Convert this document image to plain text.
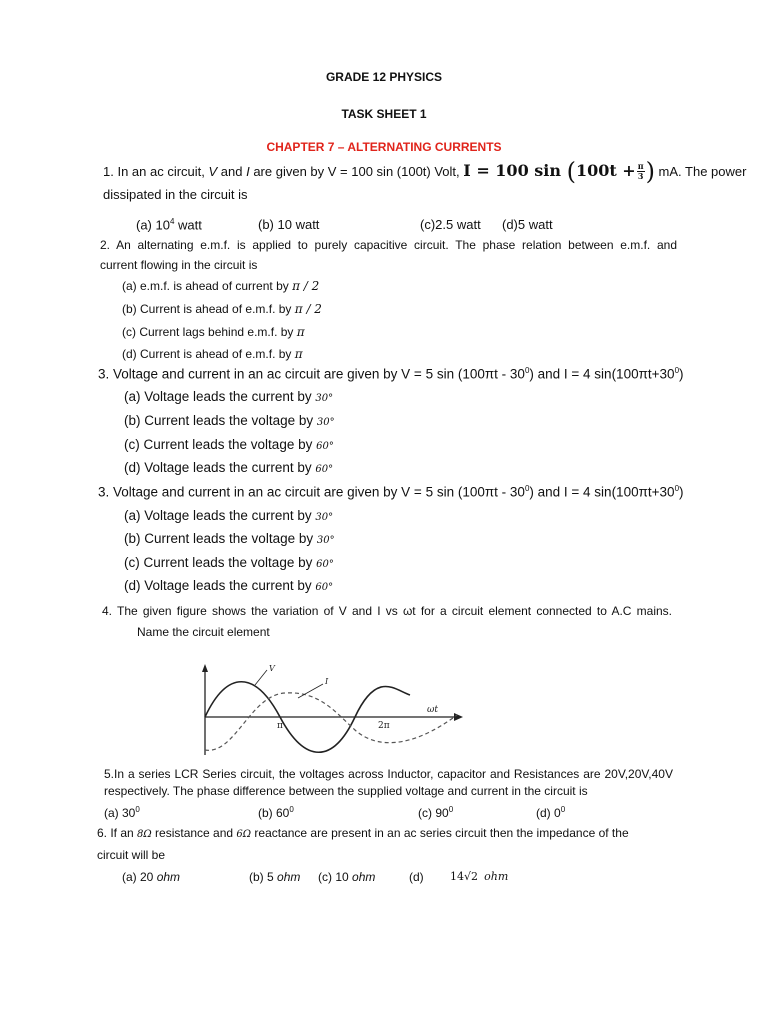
GRADE 12 PHYSICS
TASK SHEET 1
CHAPTER 7 – ALTERNATING CURRENTS
1. In an ac circuit, V and I are given by V = 100 sin (100t) Volt, I = 100 $\sin (100t + \frac{\pi}{3}$ ) mA. The power
dissipated in the circuit is
(a) $10^4$ watt	(b) 10 watt	(c)2.5 watt (d)5 watt
2. An alternating e.m.f. is applied to purely capacitive circuit. The phase relation between e.m.f. and
current flowing in the circuit is
(a) e.m.f. is ahead of current by π / 2
(b) Current is ahead of e.m.f. by π / 2
(c) Current lags behind e.m.f. by π
(d) Current is ahead of e.m.f. by π
3. Voltage and current in an ac circuit are given by V = 5 $\sin (100\pi t - 30^0)$ and I = 4 $\sin(100\pi t+30^0)$
(a) Voltage leads the current by 30°
(b) Current leads the voltage by 30°
(c) Current leads the voltage by 60°
(d) Voltage leads the current by 60°
3. Voltage and current in an ac circuit are given by V = 5 $\sin (100\pi t - 30^0)$ and I = 4 $\sin(100\pi t+30^0)$
(a) Voltage leads the current by 30°
(b) Current leads the voltage by 30°
(c) Current leads the voltage by 60°
(d) Voltage leads the current by 60°
4. The given figure shows the variation of V and I vs ωt for a circuit element connected to A.C mains.
Name the circuit element
V
I
π	2π
ωt
5.In a series LCR Series circuit, the voltages across Inductor, capacitor and Resistances are 20V,20V,40V
respectively. The phase difference between the supplied voltage and current in the circuit is
(a) $30^0$	(b) $60^0$	(c) $90^0$	(d) $0^0$
6. If an 8Ω resistance and 6Ω reactance are present in an ac series circuit then the impedance of the
circuit will be
(a) 20 ohm	(b) 5 ohm (c) 10 ohm	(d) 14√2 ohm
